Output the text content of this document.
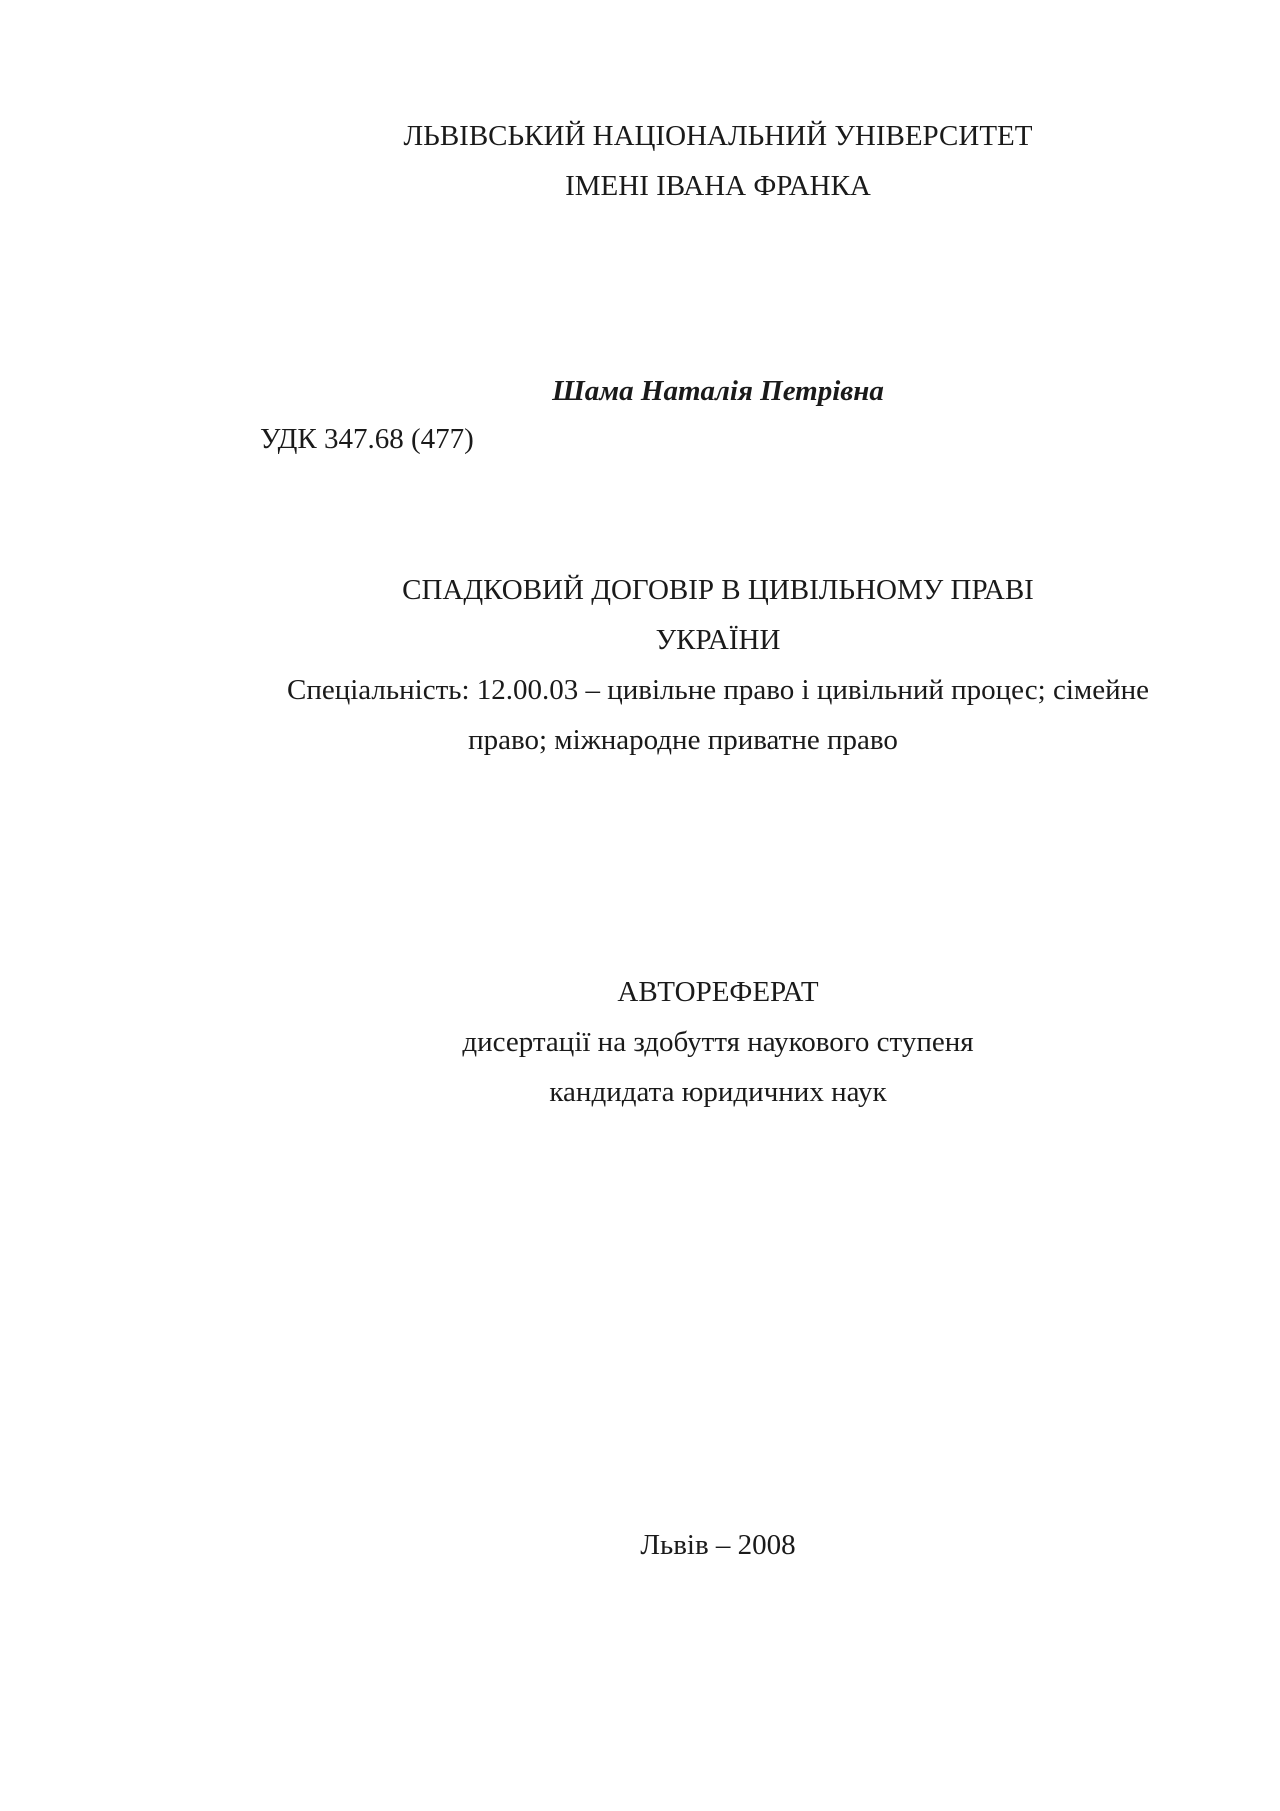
ЛЬВІВСЬКИЙ НАЦІОНАЛЬНИЙ УНІВЕРСИТЕТ
ІМЕНІ ІВАНА ФРАНКА
Шама Наталія Петрівна
УДК 347.68 (477)
СПАДКОВИЙ ДОГОВІР В ЦИВІЛЬНОМУ ПРАВІ
УКРАЇНИ
Спеціальність: 12.00.03 – цивільне право і цивільний процес; сімейне
право; міжнародне приватне право
АВТОРЕФЕРАТ
дисертації на здобуття наукового ступеня
кандидата юридичних наук
Львів – 2008
